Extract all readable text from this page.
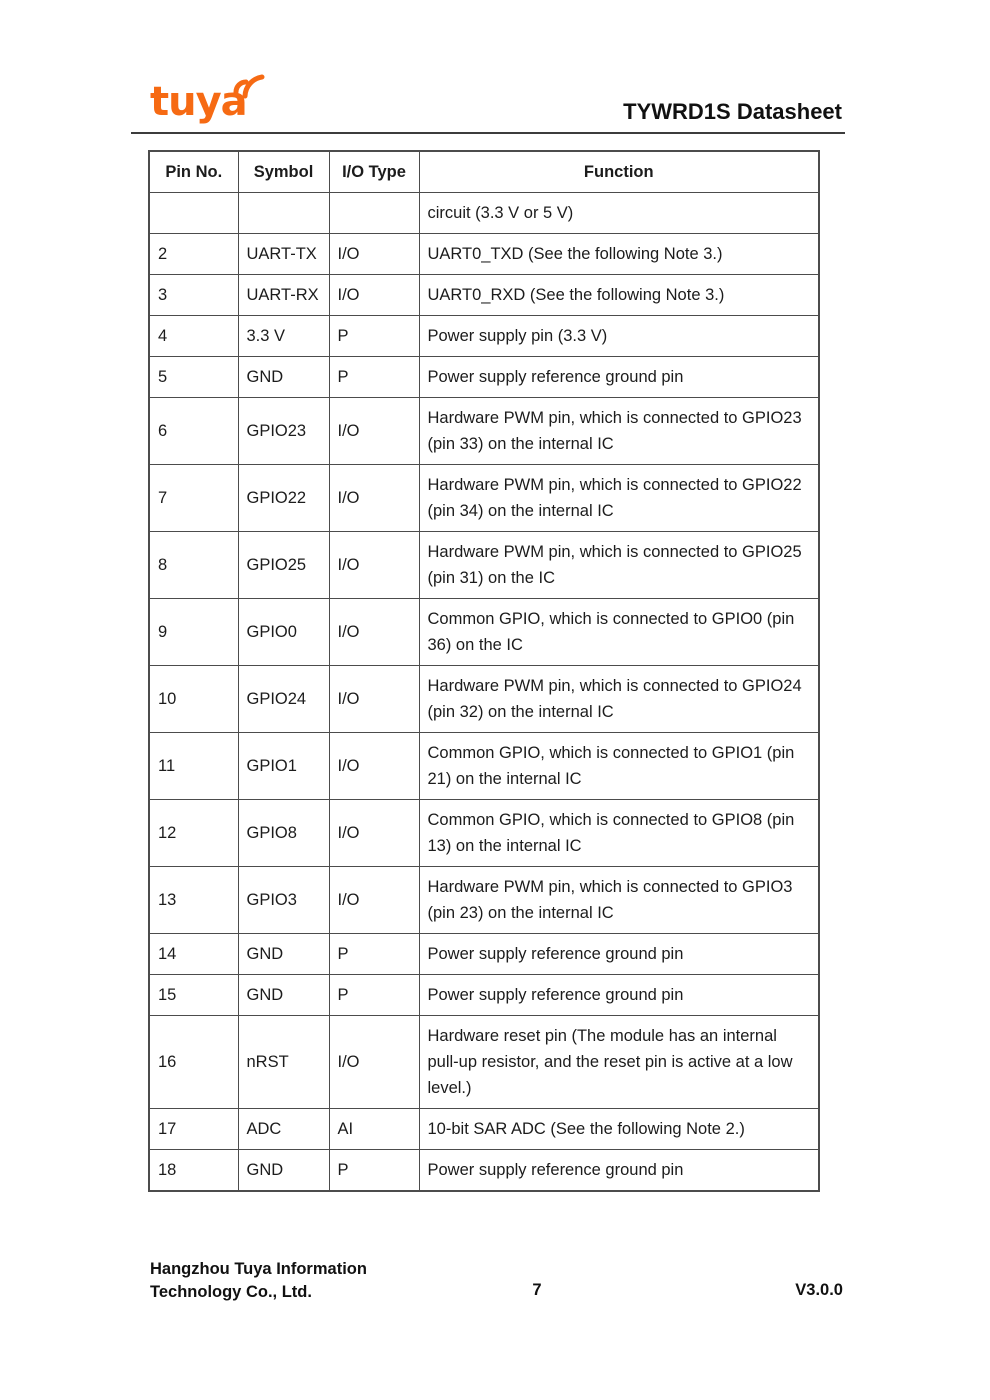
tuya	TYWRD1S Datasheet
Pin No.	Symbol	I/O Type	Function
			circuit (3.3 V or 5 V)
2	UART-TX	I/O	UART0_TXD (See the following Note 3.)
3	UART-RX	I/O	UART0_RXD (See the following Note 3.)
4	3.3 V	P	Power supply pin (3.3 V)
5	GND	P	Power supply reference ground pin
6	GPIO23	I/O	Hardware PWM pin, which is connected to GPIO23 (pin 33) on the internal IC
7	GPIO22	I/O	Hardware PWM pin, which is connected to GPIO22 (pin 34) on the internal IC
8	GPIO25	I/O	Hardware PWM pin, which is connected to GPIO25 (pin 31) on the IC
9	GPIO0	I/O	Common GPIO, which is connected to GPIO0 (pin 36) on the IC
10	GPIO24	I/O	Hardware PWM pin, which is connected to GPIO24 (pin 32) on the internal IC
11	GPIO1	I/O	Common GPIO, which is connected to GPIO1 (pin 21) on the internal IC
12	GPIO8	I/O	Common GPIO, which is connected to GPIO8 (pin 13) on the internal IC
13	GPIO3	I/O	Hardware PWM pin, which is connected to GPIO3 (pin 23) on the internal IC
14	GND	P	Power supply reference ground pin
15	GND	P	Power supply reference ground pin
16	nRST	I/O	Hardware reset pin (The module has an internal pull-up resistor, and the reset pin is active at a low level.)
17	ADC	AI	10-bit SAR ADC (See the following Note 2.)
18	GND	P	Power supply reference ground pin
Hangzhou Tuya Information
Technology Co., Ltd.	7	V3.0.0
